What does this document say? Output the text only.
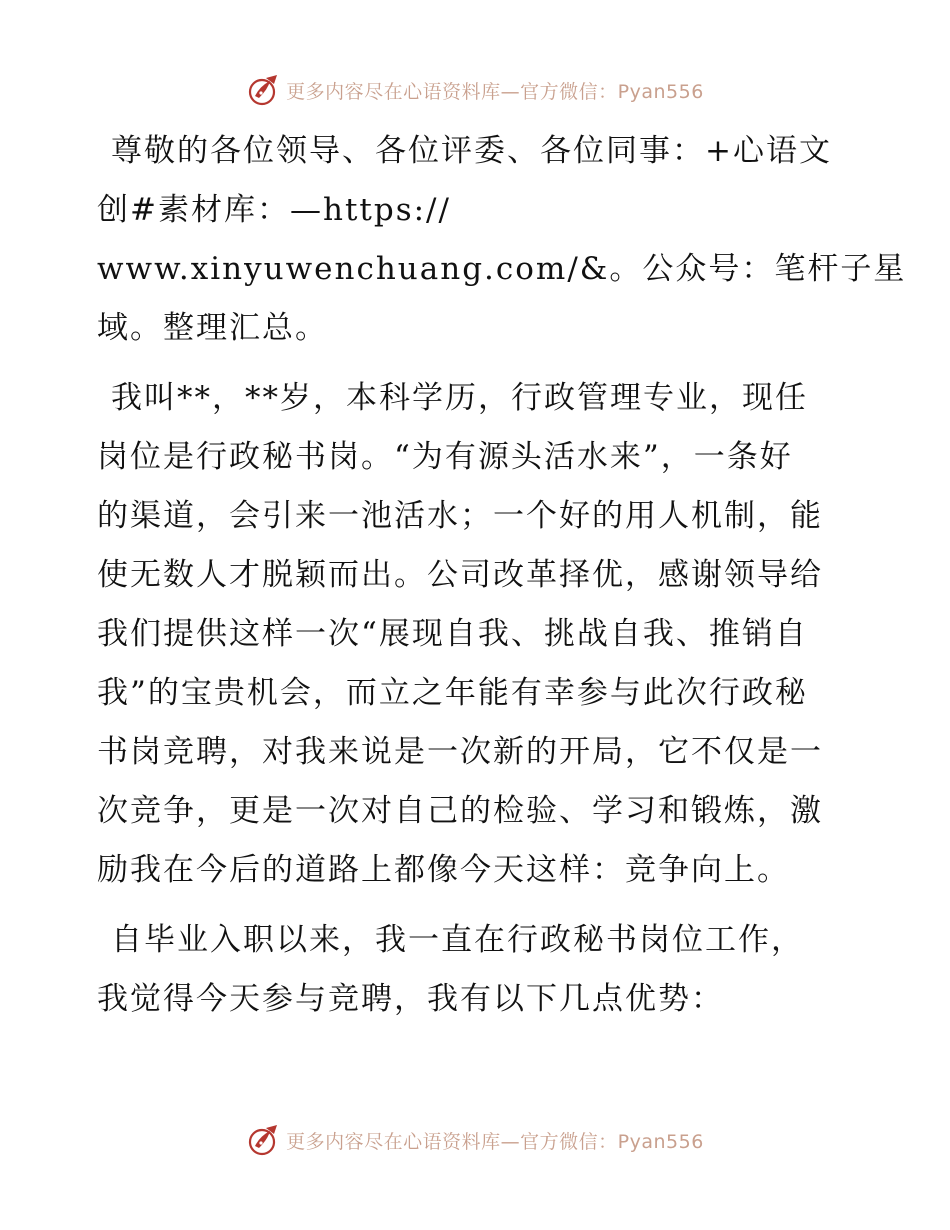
更多内容尽在心语资料库—官方微信：Pyan556
尊敬的各位领导、各位评委、各位同事：+心语文
创#素材库：—https://
www.xinyuwenchuang.com/&。公众号：笔杆子星
域。整理汇总。
我叫**，**岁，本科学历，行政管理专业，现任
岗位是行政秘书岗。“为有源头活水来”，一条好
的渠道，会引来一池活水；一个好的用人机制，能
使无数人才脱颖而出。公司改革择优，感谢领导给
我们提供这样一次“展现自我、挑战自我、推销自
我”的宝贵机会，而立之年能有幸参与此次行政秘
书岗竞聘，对我来说是一次新的开局，它不仅是一
次竞争，更是一次对自己的检验、学习和锻炼，激
励我在今后的道路上都像今天这样：竞争向上。
自毕业入职以来，我一直在行政秘书岗位工作，
我觉得今天参与竞聘，我有以下几点优势：
更多内容尽在心语资料库—官方微信：Pyan556
